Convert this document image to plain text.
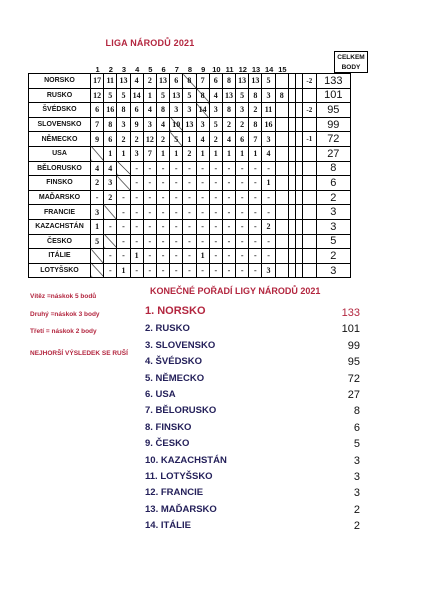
LIGA NÁRODŮ 2021
CELKEM
BODY
1	2	3	4	5	6	7	8	9 10 11 12 13 14 15
NORSKO	17	11	13	4	2	13	6	8	7	6	8	13	13	5				-2	133
RUSKO	12	5	5	14	1	5	13	5	8	4	13	5	8	3	8				101
ŠVÉDSKO	6	16	8	6	4	8	3	3	14	3	8	3	2	11				-2	95
SLOVENSKO	7	8	3	9	3	4	10	13	3	5	2	2	8	16					99
NĚMECKO	9	6	2	2	12	2	5	1	4	2	4	6	7	3				-1	72
USA		1	1	3	7	1	1	2	1	1	1	1	1	4					27
BĚLORUSKO	4	4		-	-	-	-	-	-	-	-	-	-	-					8
FINSKO	2	3		-	-	-	-	-	-	-	-	-	-	1					6
MAĎARSKO	-	2	-	-	-	-	-	-	-	-	-	-	-	-					2
FRANCIE	3		-	-	-	-	-	-	-	-	-	-	-	-					3
KAZACHSTÁN	1	-	-	-	-	-	-	-	-	-	-	-	-	2					3
ČESKO	5		-	-	-	-	-	-	-	-	-	-	-	-					5
ITÁLIE		-	-	1	-	-	-	-	1	-	-	-	-	-					2
LOTYŠSKO		-	1	-	-	-	-	-	-	-	-	-	-	3					3
Vítěz =náskok 5 bodů
Druhý =náskok 3 body
Třetí = náskok 2 body
NEJHORŠÍ VÝSLEDEK SE RUŠÍ
KONEČNÉ POŘADÍ LIGY NÁRODŮ 2021
1. NORSKO	133
2. RUSKO	101
3. SLOVENSKO	99
4. ŠVÉDSKO	95
5. NĚMECKO	72
6. USA	27
7. BĚLORUSKO	8
8. FINSKO	6
9. ČESKO	5
10. KAZACHSTÁN	3
11. LOTYŠSKO	3
12. FRANCIE	3
13. MAĎARSKO	2
14. ITÁLIE	2
